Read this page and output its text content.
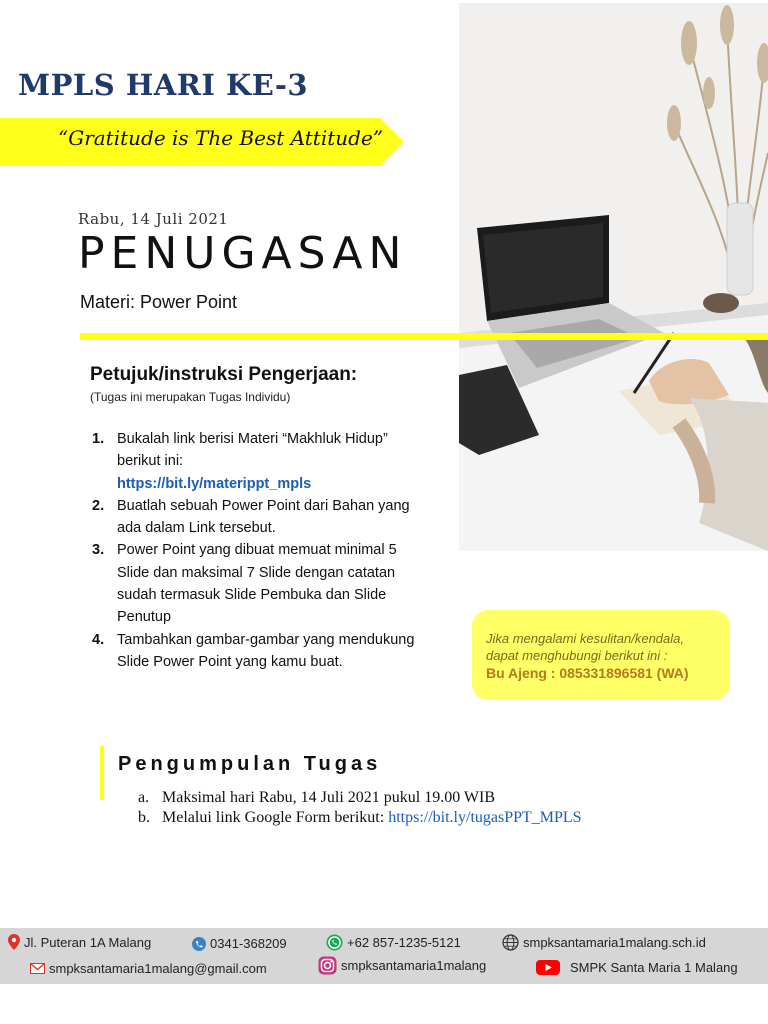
MPLS HARI KE-3
“Gratitude is The Best Attitude”
Rabu, 14 Juli 2021
PENUGASAN
Materi: Power Point
Petujuk/instruksi Pengerjaan:
(Tugas ini merupakan Tugas Individu)
1. Bukalah link berisi Materi “Makhluk Hidup” berikut ini:
https://bit.ly/materippt_mpls
2. Buatlah sebuah Power Point dari Bahan yang ada dalam Link tersebut.
3. Power Point yang dibuat memuat minimal 5 Slide dan maksimal 7 Slide dengan catatan sudah termasuk Slide Pembuka dan Slide Penutup
4. Tambahkan gambar-gambar yang mendukung Slide Power Point yang kamu buat.
Jika mengalami kesulitan/kendala,
dapat menghubungi berikut ini :
Bu Ajeng : 085331896581 (WA)
Pengumpulan Tugas
a. Maksimal hari Rabu, 14 Juli 2021 pukul 19.00 WIB
b. Melalui link Google Form berikut: https://bit.ly/tugasPPT_MPLS
Jl. Puteran 1A Malang	0341-368209	+62 857-1235-5121	smpksantamaria1malang.sch.id
smpksantamaria1malang@gmail.com	smpksantamaria1malang	SMPK Santa Maria 1 Malang
